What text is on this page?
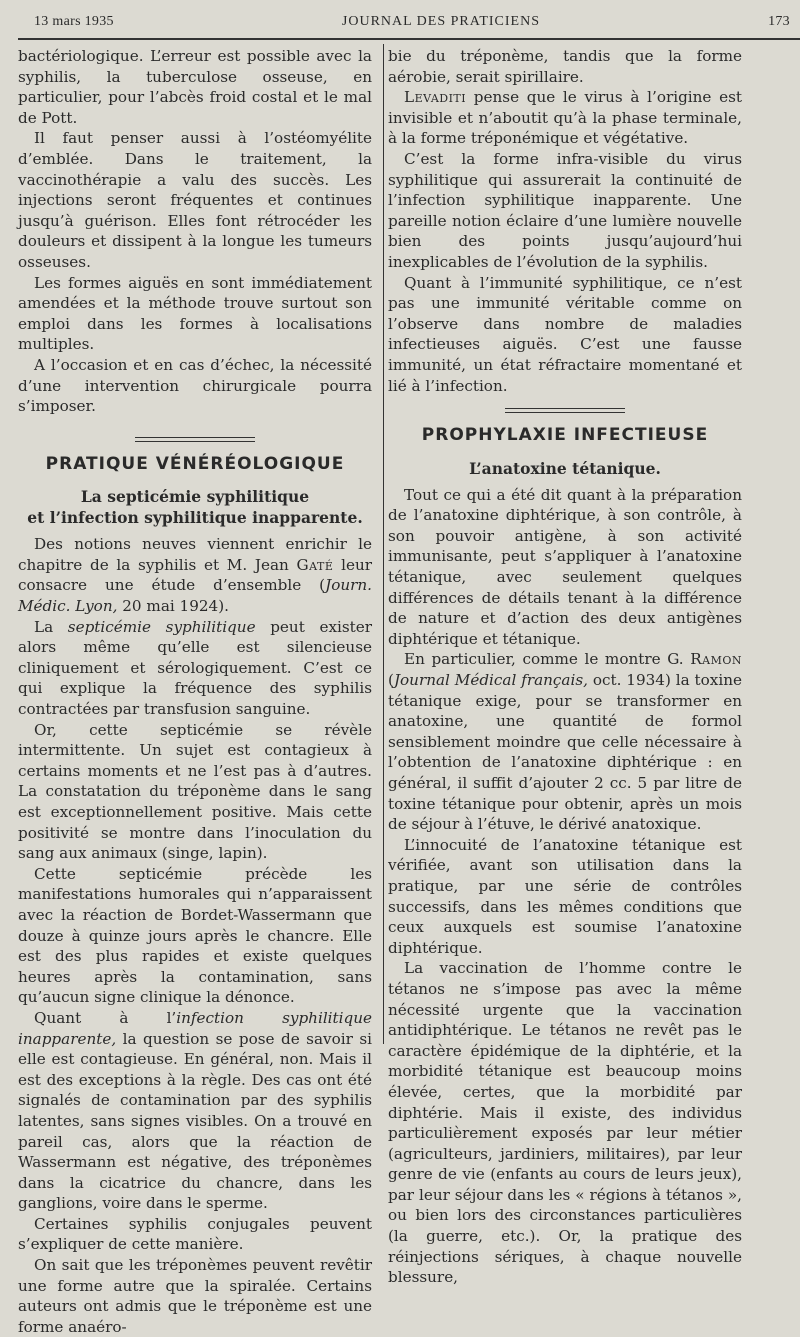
13 mars 1935	JOURNAL DES PRATICIENS	173

bactériologique. L’erreur est possible avec la syphilis, la tuberculose osseuse, en particulier, pour l’abcès froid costal et le mal de Pott.

Il faut penser aussi à l’ostéomyélite d’emblée. Dans le traitement, la vaccinothérapie a valu des succès. Les injections seront fréquentes et continues jusqu’à guérison. Elles font rétrocéder les douleurs et dissipent à la longue les tumeurs osseuses.

Les formes aiguës en sont immédiatement amendées et la méthode trouve surtout son emploi dans les formes à localisations multiples.

A l’occasion et en cas d’échec, la nécessité d’une intervention chirurgicale pourra s’imposer.

PRATIQUE VÉNÉRÉOLOGIQUE
La septicémie syphilitique
et l’infection syphilitique inapparente.

Des notions neuves viennent enrichir le chapitre de la syphilis et M. Jean Gaté leur consacre une étude d’ensemble (Journ. Médic. Lyon, 20 mai 1924).

La septicémie syphilitique peut exister alors même qu’elle est silencieuse cliniquement et sérologiquement. C’est ce qui explique la fréquence des syphilis contractées par transfusion sanguine.

Or, cette septicémie se révèle intermittente. Un sujet est contagieux à certains moments et ne l’est pas à d’autres. La constatation du tréponème dans le sang est exceptionnellement positive. Mais cette positivité se montre dans l’inoculation du sang aux animaux (singe, lapin).

Cette septicémie précède les manifestations humorales qui n’apparaissent avec la réaction de Bordet-Wassermann que douze à quinze jours après le chancre. Elle est des plus rapides et existe quelques heures après la contamination, sans qu’aucun signe clinique la dénonce.

Quant à l’infection syphilitique inapparente, la question se pose de savoir si elle est contagieuse. En général, non. Mais il est des exceptions à la règle. Des cas ont été signalés de contamination par des syphilis latentes, sans signes visibles. On a trouvé en pareil cas, alors que la réaction de Wassermann est négative, des tréponèmes dans la cicatrice du chancre, dans les ganglions, voire dans le sperme.

Certaines syphilis conjugales peuvent s’expliquer de cette manière.

On sait que les tréponèmes peuvent revêtir une forme autre que la spiralée. Certains auteurs ont admis que le tréponème est une forme anaéro-

bie du tréponème, tandis que la forme aérobie, serait spirillaire.

Levaditi pense que le virus à l’origine est invisible et n’aboutit qu’à la phase terminale, à la forme tréponémique et végétative.

C’est la forme infra-visible du virus syphilitique qui assurerait la continuité de l’infection syphilitique inapparente. Une pareille notion éclaire d’une lumière nouvelle bien des points jusqu’aujourd’hui inexplicables de l’évolution de la syphilis.

Quant à l’immunité syphilitique, ce n’est pas une immunité véritable comme on l’observe dans nombre de maladies infectieuses aiguës. C’est une fausse immunité, un état réfractaire momentané et lié à l’infection.

PROPHYLAXIE INFECTIEUSE
L’anatoxine tétanique.

Tout ce qui a été dit quant à la préparation de l’anatoxine diphtérique, à son contrôle, à son pouvoir antigène, à son activité immunisante, peut s’appliquer à l’anatoxine tétanique, avec seulement quelques différences de détails tenant à la différence de nature et d’action des deux antigènes diphtérique et tétanique.

En particulier, comme le montre G. Ramon (Journal Médical français, oct. 1934) la toxine tétanique exige, pour se transformer en anatoxine, une quantité de formol sensiblement moindre que celle nécessaire à l’obtention de l’anatoxine diphtérique : en général, il suffit d’ajouter 2 cc. 5 par litre de toxine tétanique pour obtenir, après un mois de séjour à l’étuve, le dérivé anatoxique.

L’innocuité de l’anatoxine tétanique est vérifiée, avant son utilisation dans la pratique, par une série de contrôles successifs, dans les mêmes conditions que ceux auxquels est soumise l’anatoxine diphtérique.

La vaccination de l’homme contre le tétanos ne s’impose pas avec la même nécessité urgente que la vaccination antidiphtérique. Le tétanos ne revêt pas le caractère épidémique de la diphtérie, et la morbidité tétanique est beaucoup moins élevée, certes, que la morbidité par diphtérie. Mais il existe, des individus particulièrement exposés par leur métier (agriculteurs, jardiniers, militaires), par leur genre de vie (enfants au cours de leurs jeux), par leur séjour dans les « régions à tétanos », ou bien lors des circonstances particulières (la guerre, etc.). Or, la pratique des réinjections sériques, à chaque nouvelle blessure,
